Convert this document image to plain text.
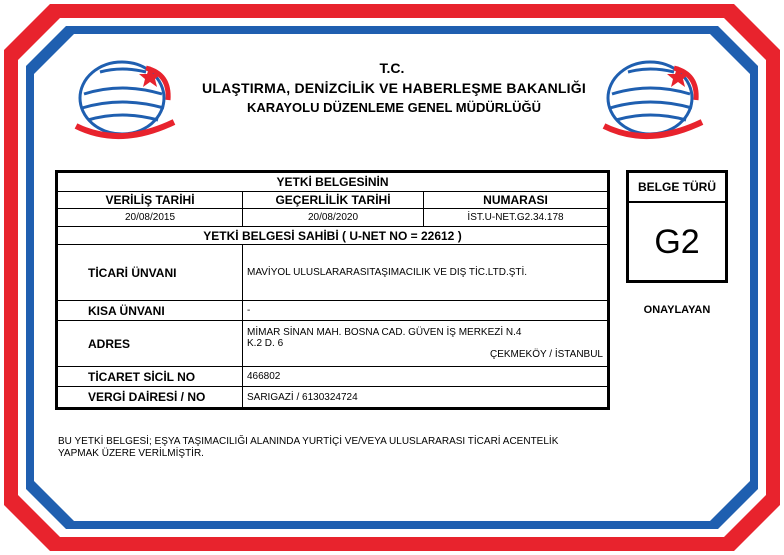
T.C.
ULAŞTIRMA, DENİZCİLİK VE HABERLEŞME BAKANLIĞI
KARAYOLU DÜZENLEME GENEL MÜDÜRLÜĞÜ
YETKİ BELGESİNİN		
VERİLİŞ TARİHİ	GEÇERLİLİK TARİHİ	NUMARASI
20/08/2015	20/08/2020	İST.U-NET.G2.34.178
YETKİ BELGESİ SAHİBİ ( U-NET NO = 22612 )		
TİCARİ ÜNVANI	MAVİYOL ULUSLARARASITAŞIMACILIK VE DIŞ TİC.LTD.ŞTİ.	
KISA ÜNVANI	-	
ADRES	MİMAR SİNAN MAH. BOSNA CAD. GÜVEN İŞ MERKEZİ N.4
K.2 D. 6
ÇEKMEKÖY / İSTANBUL	

TİCARET SİCİL NO	466802	
VERGİ DAİRESİ / NO	SARIGAZİ / 6130324724	
BELGE TÜRÜ
G2
ONAYLAYAN
BU YETKİ BELGESİ; EŞYA TAŞIMACILIĞI ALANINDA YURTİÇİ VE/VEYA ULUSLARARASI TİCARİ ACENTELİK
YAPMAK ÜZERE VERİLMİŞTİR.
